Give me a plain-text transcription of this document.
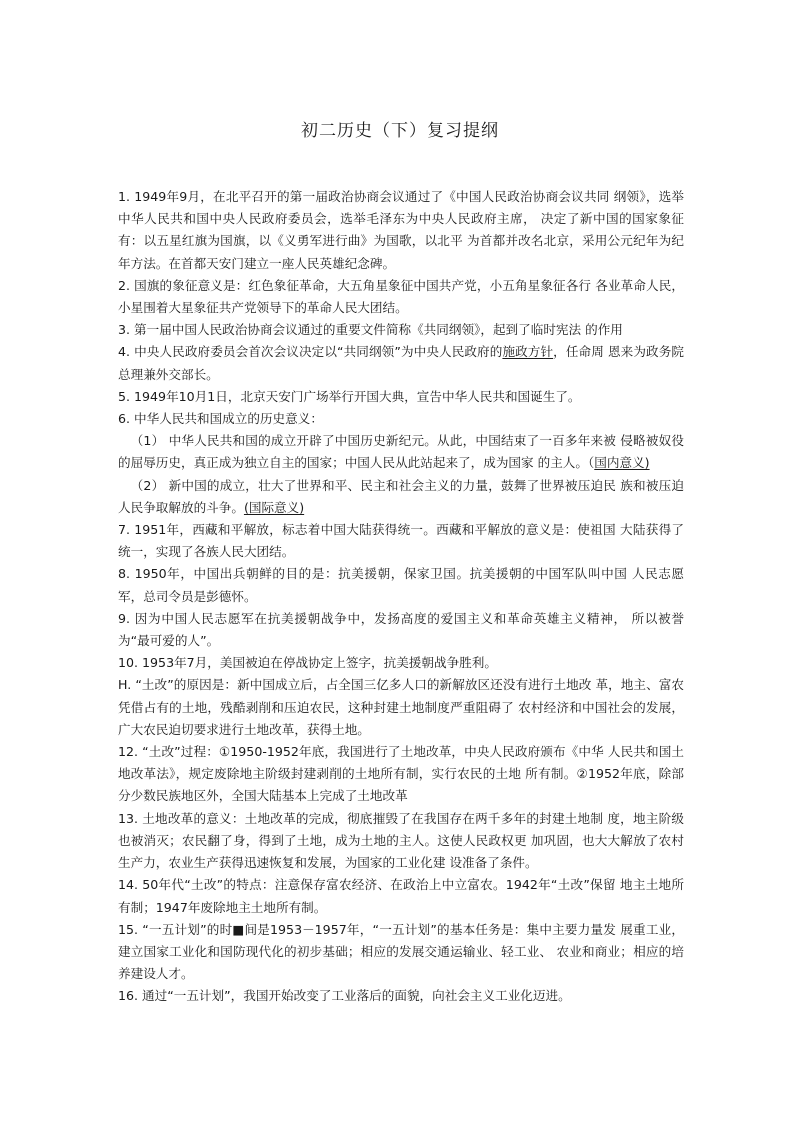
初二历史（下）复习提纲

1. 1949年9月，在北平召开的第一届政治协商会议通过了《中国人民政治协商会议共同 纲领》，选举中华人民共和国中央人民政府委员会，选举毛泽东为中央人民政府主席， 决定了新中国的国家象征有：以五星红旗为国旗，以《义勇军进行曲》为国歌，以北平 为首都并改名北京，采用公元纪年为纪年方法。在首都天安门建立一座人民英雄纪念碑。

2. 国旗的象征意义是：红色象征革命，大五角星象征中国共产党，小五角星象征各行 各业革命人民，小星围着大星象征共产党领导下的革命人民大团结。

3. 第一届中国人民政治协商会议通过的重要文件简称《共同纲领》，起到了临时宪法 的作用

4. 中央人民政府委员会首次会议决定以“共同纲领”为中央人民政府的施政方针，任命周 恩来为政务院总理兼外交部长。

5. 1949年10月1日，北京天安门广场举行开国大典，宣告中华人民共和国诞生了。

6. 中华人民共和国成立的历史意义：

（1） 中华人民共和国的成立开辟了中国历史新纪元。从此，中国结束了一百多年来被 侵略被奴役的屈辱历史，真正成为独立自主的国家；中国人民从此站起来了，成为国家 的主人。（国内意义)

（2） 新中国的成立，壮大了世界和平、民主和社会主义的力量，鼓舞了世界被压迫民 族和被压迫人民争取解放的斗争。(国际意义)

7. 1951年，西藏和平解放，标志着中国大陆获得统一。西藏和平解放的意义是：使祖国 大陆获得了统一，实现了各族人民大团结。

8. 1950年，中国出兵朝鲜的目的是：抗美援朝，保家卫国。抗美援朝的中国军队叫中国 人民志愿军，总司令员是彭德怀。

9. 因为中国人民志愿军在抗美援朝战争中，发扬高度的爱国主义和革命英雄主义精神， 所以被誉为“最可爱的人”。

10. 1953年7月，美国被迫在停战协定上签字，抗美援朝战争胜利。

H. “土改”的原因是：新中国成立后，占全国三亿多人口的新解放区还没有进行土地改 革，地主、富农凭借占有的土地，残酷剥削和压迫农民，这种封建土地制度严重阻碍了 农村经济和中国社会的发展，广大农民迫切要求进行土地改革，获得土地。

12. “土改”过程：①1950-1952年底，我国进行了土地改革，中央人民政府颁布《中华 人民共和国土地改革法》，规定废除地主阶级封建剥削的土地所有制，实行农民的土地 所有制。②1952年底，除部分少数民族地区外，全国大陆基本上完成了土地改革

13. 土地改革的意义：土地改革的完成，彻底摧毁了在我国存在两千多年的封建土地制 度，地主阶级也被消灭；农民翻了身，得到了土地，成为土地的主人。这使人民政权更 加巩固，也大大解放了农村生产力，农业生产获得迅速恢复和发展，为国家的工业化建 设准备了条件。

14. 50年代“土改”的特点：注意保存富农经济、在政治上中立富农。1942年“土改”保留 地主土地所有制；1947年废除地主土地所有制。

15. “一五计划”的时■间是1953－1957年，“一五计划”的基本任务是：集中主要力量发 展重工业，建立国家工业化和国防现代化的初步基础；相应的发展交通运输业、轻工业、 农业和商业；相应的培养建设人才。

16. 通过“一五计划”，我国开始改变了工业落后的面貌，向社会主义工业化迈进。
